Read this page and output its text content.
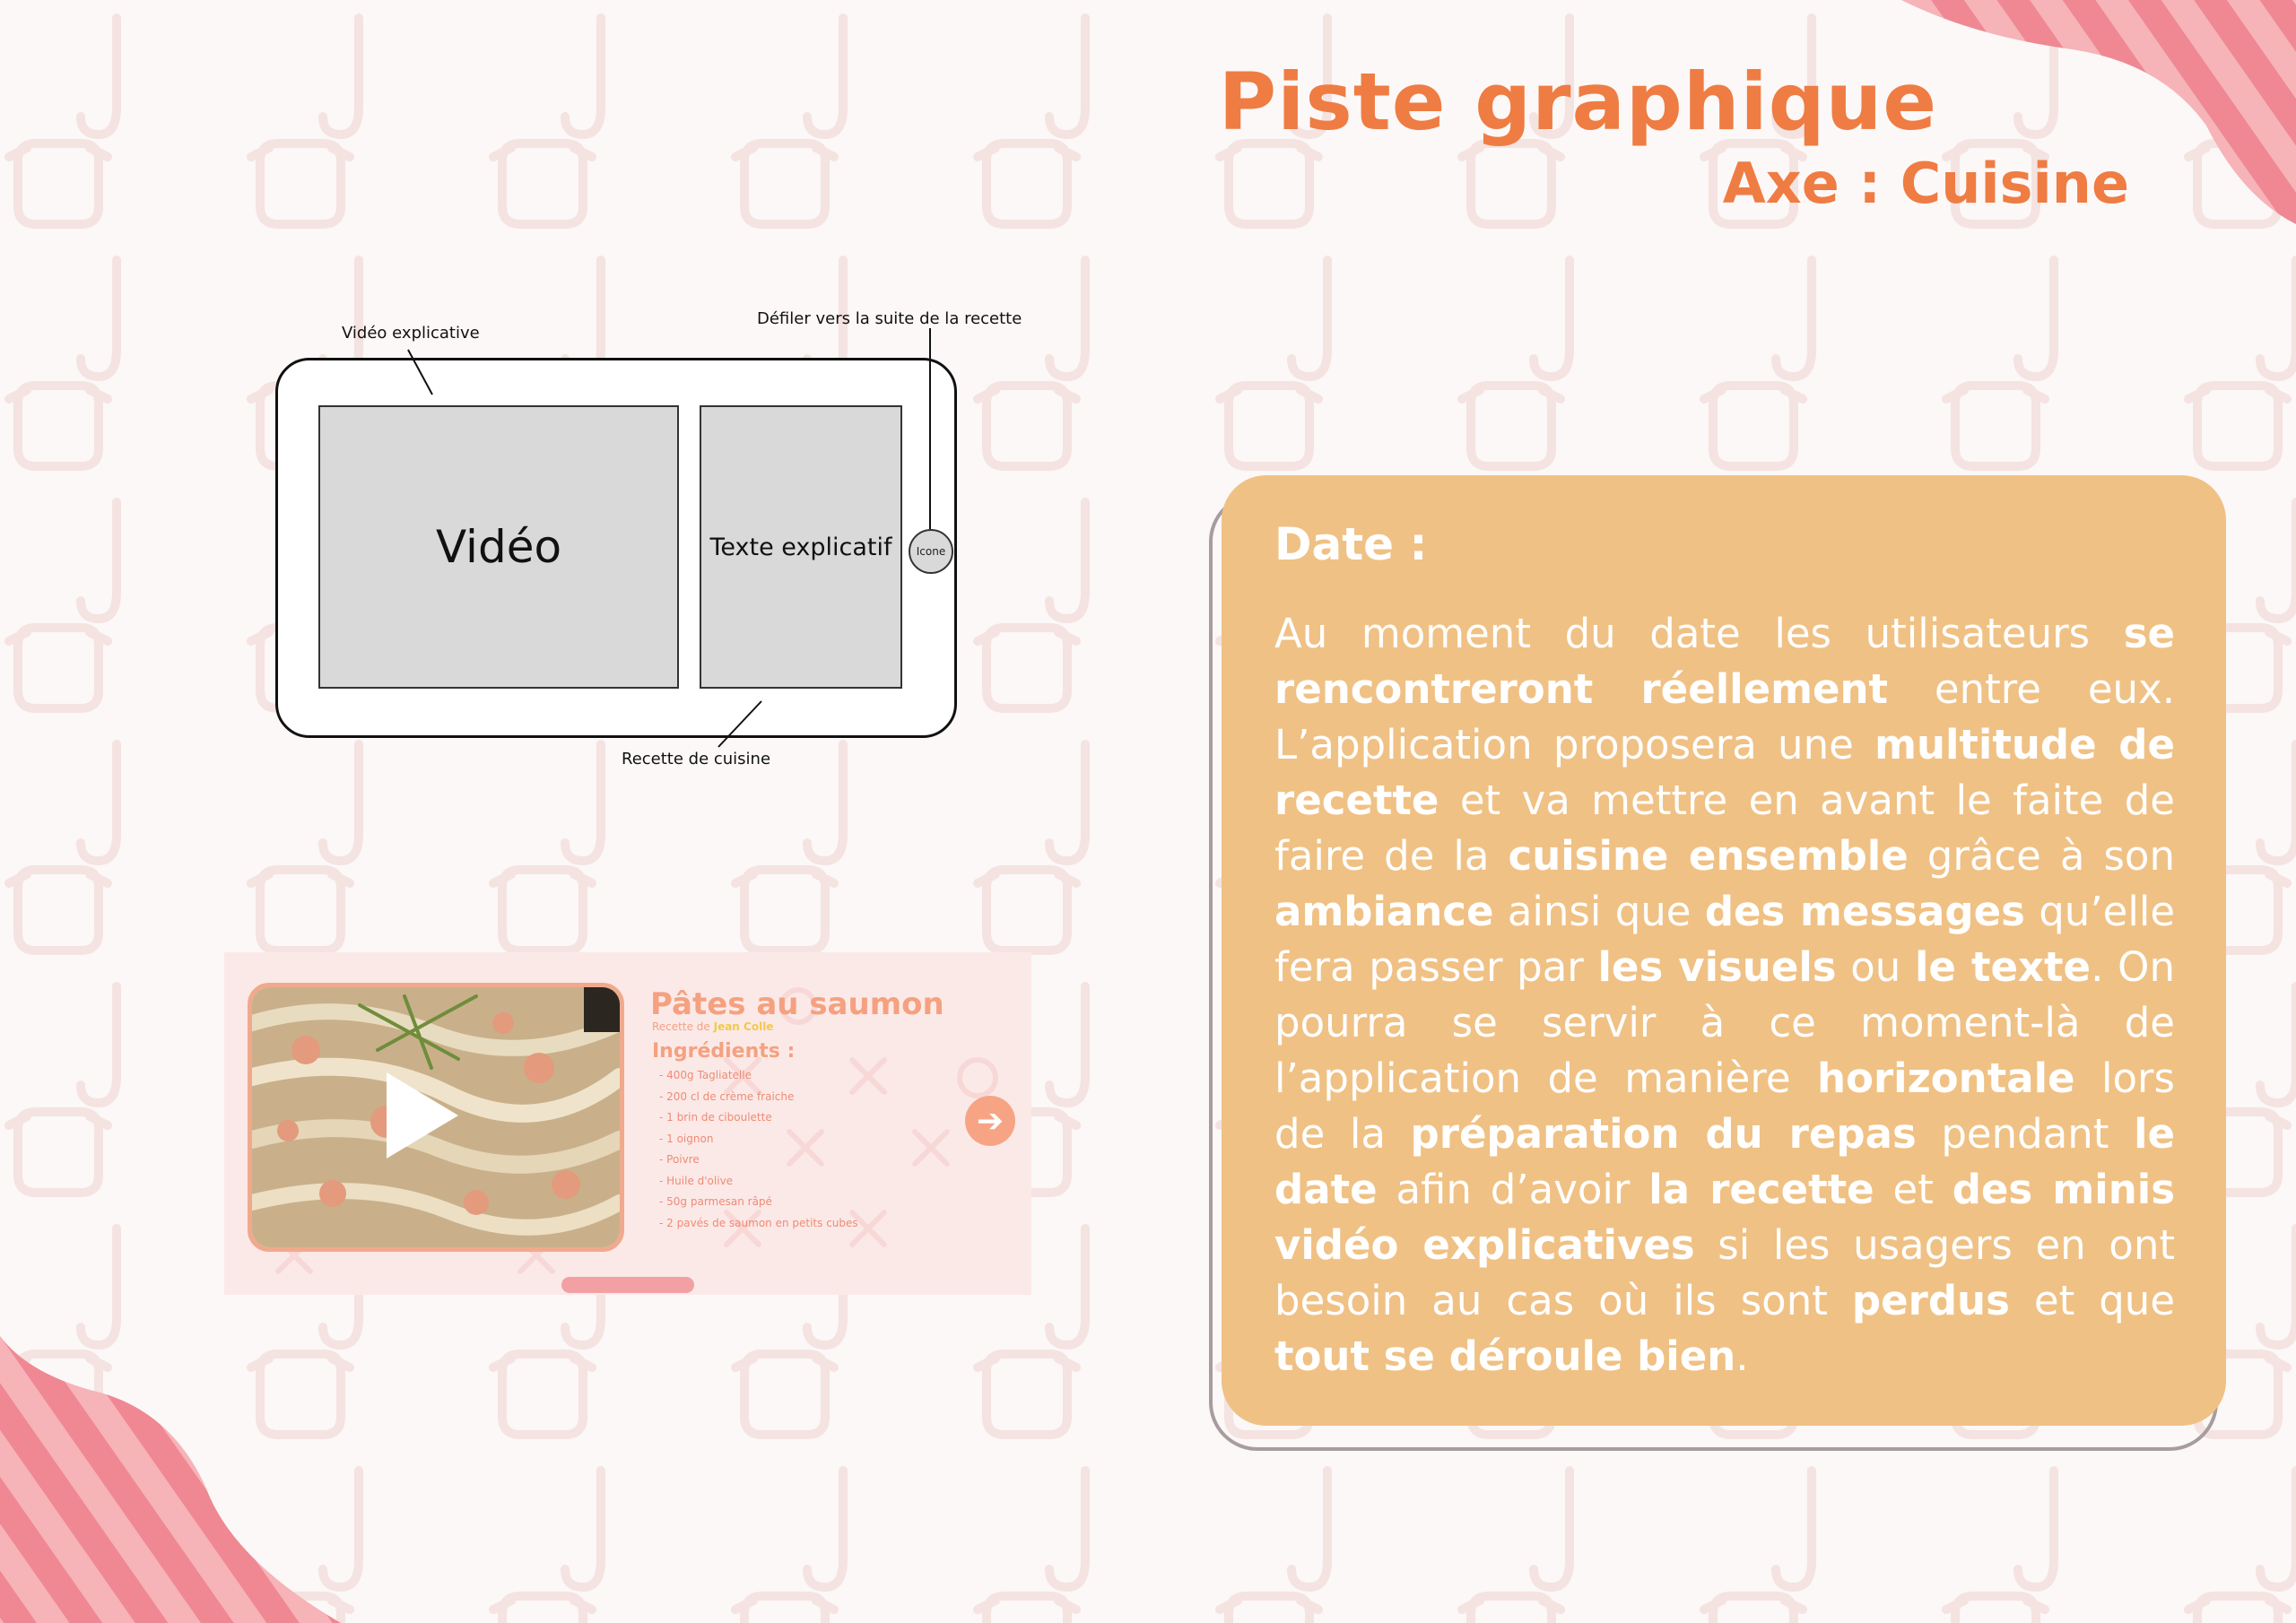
Piste graphique
Axe : Cuisine
Vidéo explicative
Défiler vers la suite de la recette
Vidéo	Texte explicatif	Icone
Recette de cuisine
Pâtes au saumon
Recette de Jean Colle
Ingrédients :
- 400g Tagliatelle
- 200 cl de crème fraiche
- 1 brin de ciboulette
- 1 oignon
- Poivre
- Huile d'olive
- 50g parmesan râpé
- 2 pavés de saumon en petits cubes
➔
Date :

Au moment du date les utilisateurs se rencontreront réellement entre eux. L’application proposera une multitude de recette et va mettre en avant le faite de faire de la cuisine ensemble grâce à son ambiance ainsi que des messages qu’elle fera passer par les visuels ou le texte. On pourra se servir à ce moment-là de l’application de manière horizontale lors de la préparation du repas pendant le date afin d’avoir la recette et des minis vidéo explicatives si les usagers en ont besoin au cas où ils sont perdus et que tout se déroule bien.
